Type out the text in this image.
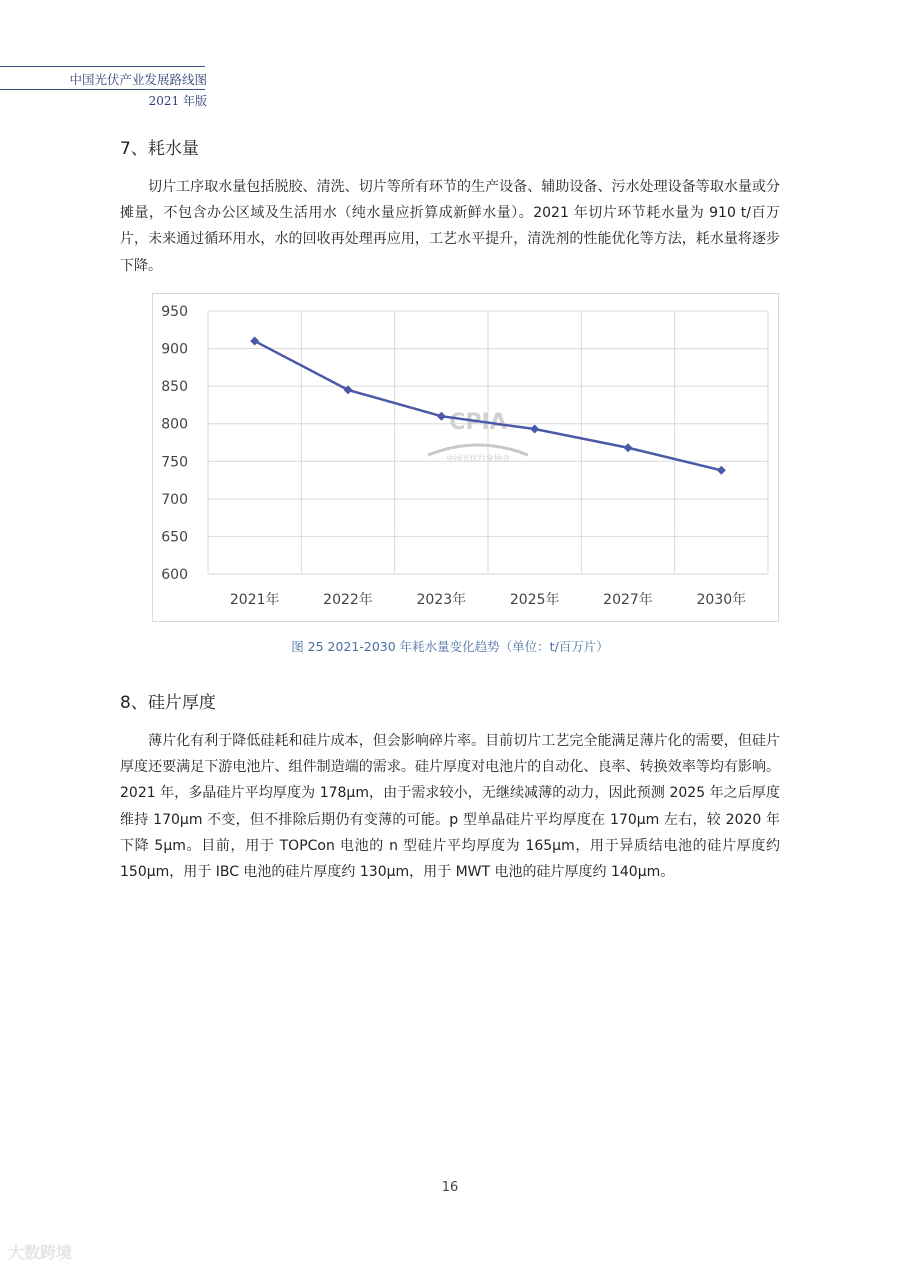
中国光伏产业发展路线图
2021 年版
7、耗水量

切片工序取水量包括脱胶、清洗、切片等所有环节的生产设备、辅助设备、污水处理设备等取水量或分摊量，不包含办公区域及生活用水（纯水量应折算成新鲜水量）。2021 年切片环节耗水量为 910 t/百万片，未来通过循环用水，水的回收再处理再应用，工艺水平提升，清洗剂的性能优化等方法，耗水量将逐步下降。

600
650
700
750
800
850
900
950
CPIA
中国光伏行业协会
2021年	2022年	2023年	2025年	2027年	2030年
图 25 2021-2030 年耗水量变化趋势（单位：t/百万片）
8、硅片厚度

薄片化有利于降低硅耗和硅片成本，但会影响碎片率。目前切片工艺完全能满足薄片化的需要，但硅片厚度还要满足下游电池片、组件制造端的需求。硅片厚度对电池片的自动化、良率、转换效率等均有影响。2021 年，多晶硅片平均厚度为 178μm，由于需求较小，无继续减薄的动力，因此预测 2025 年之后厚度维持 170μm 不变，但不排除后期仍有变薄的可能。p 型单晶硅片平均厚度在 170μm 左右，较 2020 年下降 5μm。目前，用于 TOPCon 电池的 n 型硅片平均厚度为 165μm，用于异质结电池的硅片厚度约 150μm，用于 IBC 电池的硅片厚度约 130μm，用于 MWT 电池的硅片厚度约 140μm。

16
大数跨境
